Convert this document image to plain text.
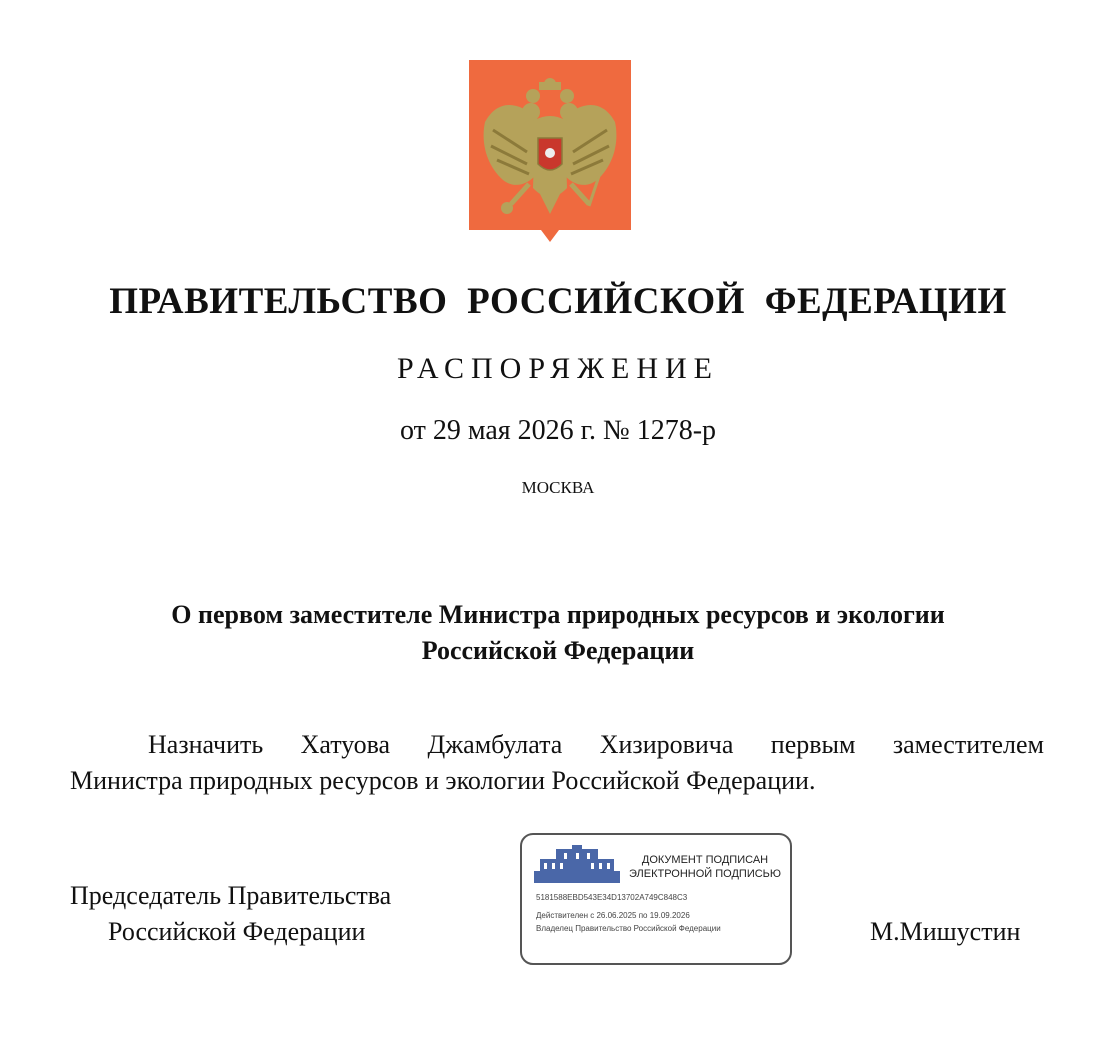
ПРАВИТЕЛЬСТВО РОССИЙСКОЙ ФЕДЕРАЦИИ
РАСПОРЯЖЕНИЕ
от 29 мая 2026 г. № 1278-р
МОСКВА
О первом заместителе Министра природных ресурсов и экологии
Российской Федерации
Назначить Хатуова Джамбулата Хизировича первым заместителем
Министра природных ресурсов и экологии Российской Федерации.
Председатель Правительства
Российской Федерации	М.Мишустин
ДОКУМЕНТ ПОДПИСАН
ЭЛЕКТРОННОЙ ПОДПИСЬЮ
5181588EBD543E34D13702A749C848C3
Действителен с 26.06.2025 по 19.09.2026
Владелец Правительство Российской Федерации
